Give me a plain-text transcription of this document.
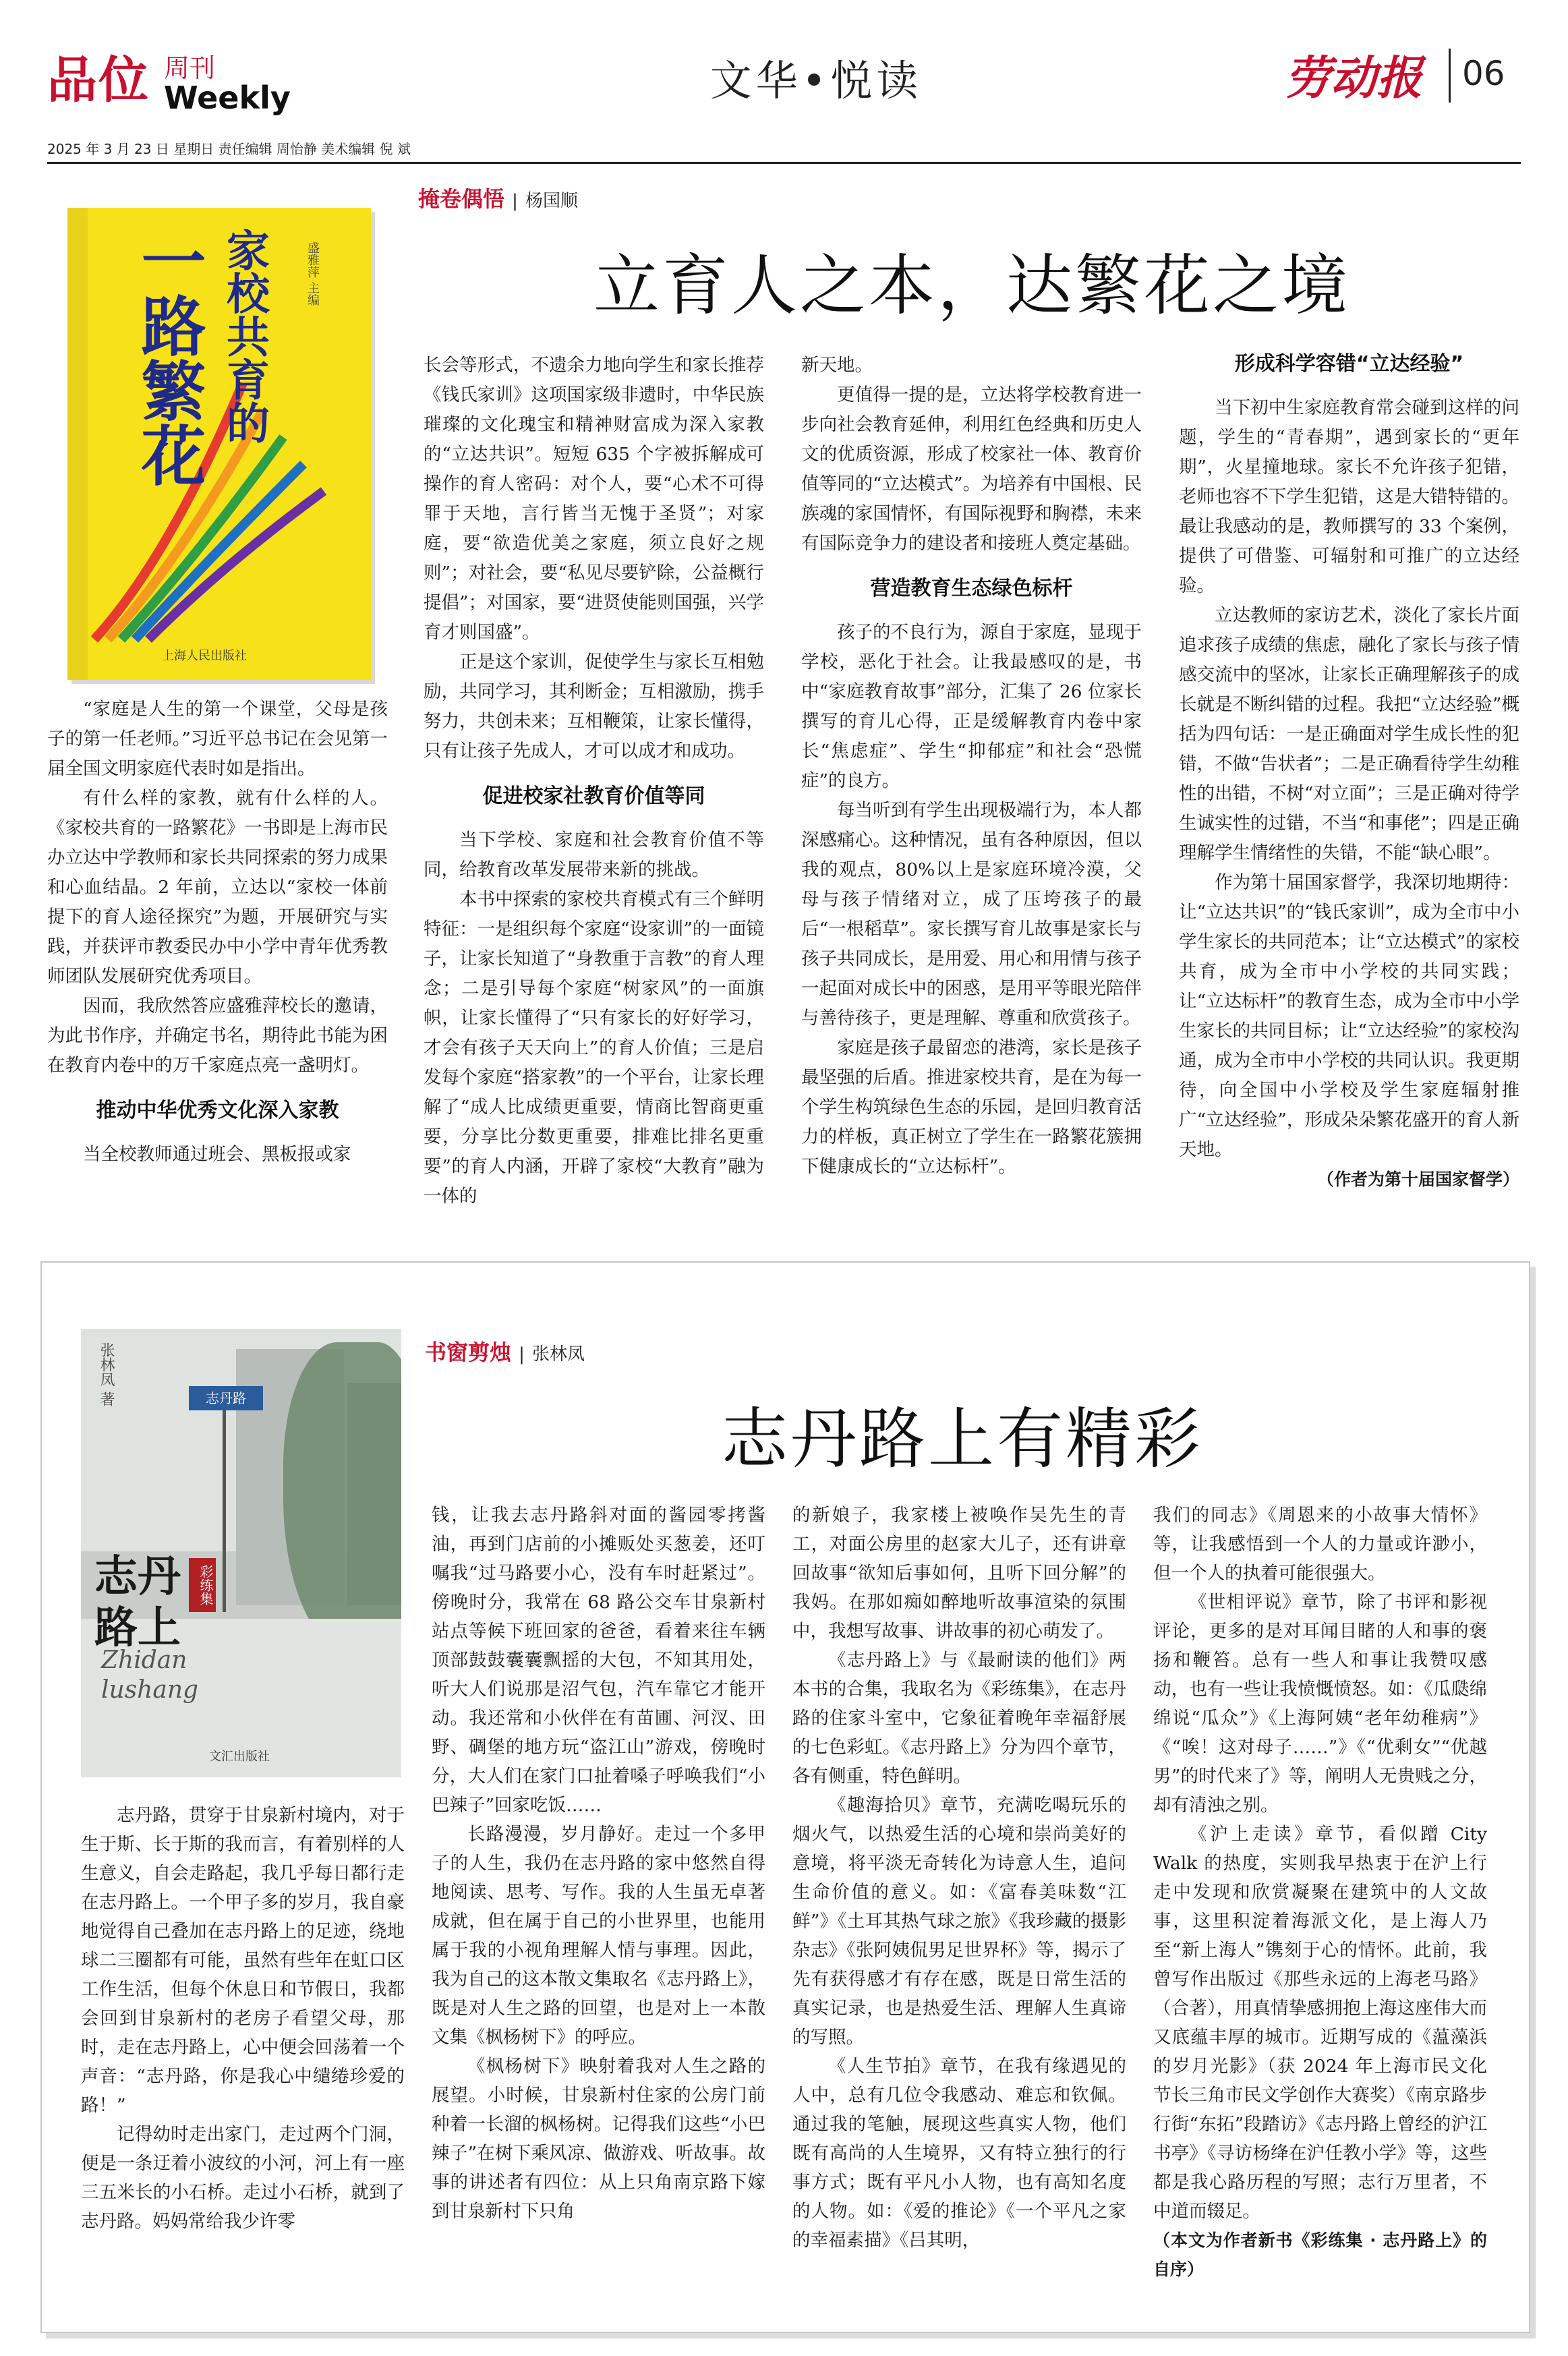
品位 周刊
Weekly
2025 年 3 月 23 日 星期日 责任编辑 周怡静 美术编辑 倪 斌
文华•悦读	劳动报 06
掩卷偶悟 | 杨国顺
立育人之本，达繁花之境
家校共育的
一路繁花	盛雅萍 主编
上海人民出版社

“家庭是人生的第一个课堂，父母是孩子的第一任老师。”习近平总书记在会见第一届全国文明家庭代表时如是指出。

有什么样的家教，就有什么样的人。《家校共育的一路繁花》一书即是上海市民办立达中学教师和家长共同探索的努力成果和心血结晶。2 年前，立达以“家校一体前提下的育人途径探究”为题，开展研究与实践，并获评市教委民办中小学中青年优秀教师团队发展研究优秀项目。

因而，我欣然答应盛雅萍校长的邀请，为此书作序，并确定书名，期待此书能为困在教育内卷中的万千家庭点亮一盏明灯。

推动中华优秀文化深入家教

当全校教师通过班会、黑板报或家

长会等形式，不遗余力地向学生和家长推荐《钱氏家训》这项国家级非遗时，中华民族璀璨的文化瑰宝和精神财富成为深入家教的“立达共识”。短短 635 个字被拆解成可操作的育人密码：对个人，要“心术不可得罪于天地，言行皆当无愧于圣贤”；对家庭，要“欲造优美之家庭，须立良好之规则”；对社会，要“私见尽要铲除，公益概行提倡”；对国家，要“进贤使能则国强，兴学育才则国盛”。

正是这个家训，促使学生与家长互相勉励，共同学习，其利断金；互相激励，携手努力，共创未来；互相鞭策，让家长懂得，只有让孩子先成人，才可以成才和成功。

促进校家社教育价值等同

当下学校、家庭和社会教育价值不等同，给教育改革发展带来新的挑战。

本书中探索的家校共育模式有三个鲜明特征：一是组织每个家庭“设家训”的一面镜子，让家长知道了“身教重于言教”的育人理念；二是引导每个家庭“树家风”的一面旗帜，让家长懂得了“只有家长的好好学习，才会有孩子天天向上”的育人价值；三是启发每个家庭“搭家教”的一个平台，让家长理解了“成人比成绩更重要，情商比智商更重要，分享比分数更重要，排难比排名更重要”的育人内涵，开辟了家校“大教育”融为一体的

新天地。

更值得一提的是，立达将学校教育进一步向社会教育延伸，利用红色经典和历史人文的优质资源，形成了校家社一体、教育价值等同的“立达模式”。为培养有中国根、民族魂的家国情怀，有国际视野和胸襟，未来有国际竞争力的建设者和接班人奠定基础。

营造教育生态绿色标杆

孩子的不良行为，源自于家庭，显现于学校，恶化于社会。让我最感叹的是，书中“家庭教育故事”部分，汇集了 26 位家长撰写的育儿心得，正是缓解教育内卷中家长“焦虑症”、学生“抑郁症”和社会“恐慌症”的良方。

每当听到有学生出现极端行为，本人都深感痛心。这种情况，虽有各种原因，但以我的观点，80%以上是家庭环境冷漠，父母与孩子情绪对立，成了压垮孩子的最后“一根稻草”。家长撰写育儿故事是家长与孩子共同成长，是用爱、用心和用情与孩子一起面对成长中的困惑，是用平等眼光陪伴与善待孩子，更是理解、尊重和欣赏孩子。

家庭是孩子最留恋的港湾，家长是孩子最坚强的后盾。推进家校共育，是在为每一个学生构筑绿色生态的乐园，是回归教育活力的样板，真正树立了学生在一路繁花簇拥下健康成长的“立达标杆”。

形成科学容错“立达经验”

当下初中生家庭教育常会碰到这样的问题，学生的“青春期”，遇到家长的“更年期”，火星撞地球。家长不允许孩子犯错，老师也容不下学生犯错，这是大错特错的。最让我感动的是，教师撰写的 33 个案例，提供了可借鉴、可辐射和可推广的立达经验。

立达教师的家访艺术，淡化了家长片面追求孩子成绩的焦虑，融化了家长与孩子情感交流中的坚冰，让家长正确理解孩子的成长就是不断纠错的过程。我把“立达经验”概括为四句话：一是正确面对学生成长性的犯错，不做“告状者”；二是正确看待学生幼稚性的出错，不树“对立面”；三是正确对待学生诚实性的过错，不当“和事佬”；四是正确理解学生情绪性的失错，不能“缺心眼”。

作为第十届国家督学，我深切地期待：让“立达共识”的“钱氏家训”，成为全市中小学生家长的共同范本；让“立达模式”的家校共育，成为全市中小学校的共同实践；让“立达标杆”的教育生态，成为全市中小学生家长的共同目标；让“立达经验”的家校沟通，成为全市中小学校的共同认识。我更期待，向全国中小学校及学生家庭辐射推广“立达经验”，形成朵朵繁花盛开的育人新天地。

（作者为第十届国家督学）

志丹路
张林凤 著
志丹
路上
彩练集
Zhidan
lushang
文汇出版社
书窗剪烛 | 张林凤
志丹路上有精彩

志丹路，贯穿于甘泉新村境内，对于生于斯、长于斯的我而言，有着别样的人生意义，自会走路起，我几乎每日都行走在志丹路上。一个甲子多的岁月，我自豪地觉得自己叠加在志丹路上的足迹，绕地球二三圈都有可能，虽然有些年在虹口区工作生活，但每个休息日和节假日，我都会回到甘泉新村的老房子看望父母，那时，走在志丹路上，心中便会回荡着一个声音：“志丹路，你是我心中缱绻珍爱的路！”

记得幼时走出家门，走过两个门洞，便是一条迂着小波纹的小河，河上有一座三五米长的小石桥。走过小石桥，就到了志丹路。妈妈常给我少许零

钱，让我去志丹路斜对面的酱园零拷酱油，再到门店前的小摊贩处买葱姜，还叮嘱我“过马路要小心，没有车时赶紧过”。傍晚时分，我常在 68 路公交车甘泉新村站点等候下班回家的爸爸，看着来往车辆顶部鼓鼓囊囊飘摇的大包，不知其用处，听大人们说那是沼气包，汽车靠它才能开动。我还常和小伙伴在有苗圃、河汊、田野、碉堡的地方玩“盗江山”游戏，傍晚时分，大人们在家门口扯着嗓子呼唤我们“小巴辣子”回家吃饭……

长路漫漫，岁月静好。走过一个多甲子的人生，我仍在志丹路的家中悠然自得地阅读、思考、写作。我的人生虽无卓著成就，但在属于自己的小世界里，也能用属于我的小视角理解人情与事理。因此，我为自己的这本散文集取名《志丹路上》，既是对人生之路的回望，也是对上一本散文集《枫杨树下》的呼应。

《枫杨树下》映射着我对人生之路的展望。小时候，甘泉新村住家的公房门前种着一长溜的枫杨树。记得我们这些“小巴辣子”在树下乘风凉、做游戏、听故事。故事的讲述者有四位：从上只角南京路下嫁到甘泉新村下只角

的新娘子，我家楼上被唤作吴先生的青工，对面公房里的赵家大儿子，还有讲章回故事“欲知后事如何，且听下回分解”的我妈。在那如痴如醉地听故事渲染的氛围中，我想写故事、讲故事的初心萌发了。

《志丹路上》与《最耐读的他们》两本书的合集，我取名为《彩练集》，在志丹路的住家斗室中，它象征着晚年幸福舒展的七色彩虹。《志丹路上》分为四个章节，各有侧重，特色鲜明。

《趣海拾贝》章节，充满吃喝玩乐的烟火气，以热爱生活的心境和崇尚美好的意境，将平淡无奇转化为诗意人生，追问生命价值的意义。如：《富春美味数“江鲜”》《土耳其热气球之旅》《我珍藏的摄影杂志》《张阿姨侃男足世界杯》等，揭示了先有获得感才有存在感，既是日常生活的真实记录，也是热爱生活、理解人生真谛的写照。

《人生节拍》章节，在我有缘遇见的人中，总有几位令我感动、难忘和钦佩。通过我的笔触，展现这些真实人物，他们既有高尚的人生境界，又有特立独行的行事方式；既有平凡小人物，也有高知名度的人物。如：《爱的推论》《一个平凡之家的幸福素描》《吕其明，

我们的同志》《周恩来的小故事大情怀》等，让我感悟到一个人的力量或许渺小，但一个人的执着可能很强大。

《世相评说》章节，除了书评和影视评论，更多的是对耳闻目睹的人和事的褒扬和鞭笞。总有一些人和事让我赞叹感动，也有一些让我愤慨愤怒。如：《瓜瓞绵绵说“瓜众”》《上海阿姨“老年幼稚病”》《“唉！这对母子……”》《“优剩女”“优越男”的时代来了》等，阐明人无贵贱之分，却有清浊之别。

《沪上走读》章节，看似蹭 City Walk 的热度，实则我早热衷于在沪上行走中发现和欣赏凝聚在建筑中的人文故事，这里积淀着海派文化，是上海人乃至“新上海人”镌刻于心的情怀。此前，我曾写作出版过《那些永远的上海老马路》（合著），用真情挚感拥抱上海这座伟大而又底蕴丰厚的城市。近期写成的《蕰藻浜的岁月光影》（获 2024 年上海市民文化节长三角市民文学创作大赛奖）《南京路步行街“东拓”段踏访》《志丹路上曾经的沪江书亭》《寻访杨绛在沪任教小学》等，这些都是我心路历程的写照；志行万里者，不中道而辍足。

（本文为作者新书《彩练集 · 志丹路上》的自序）
